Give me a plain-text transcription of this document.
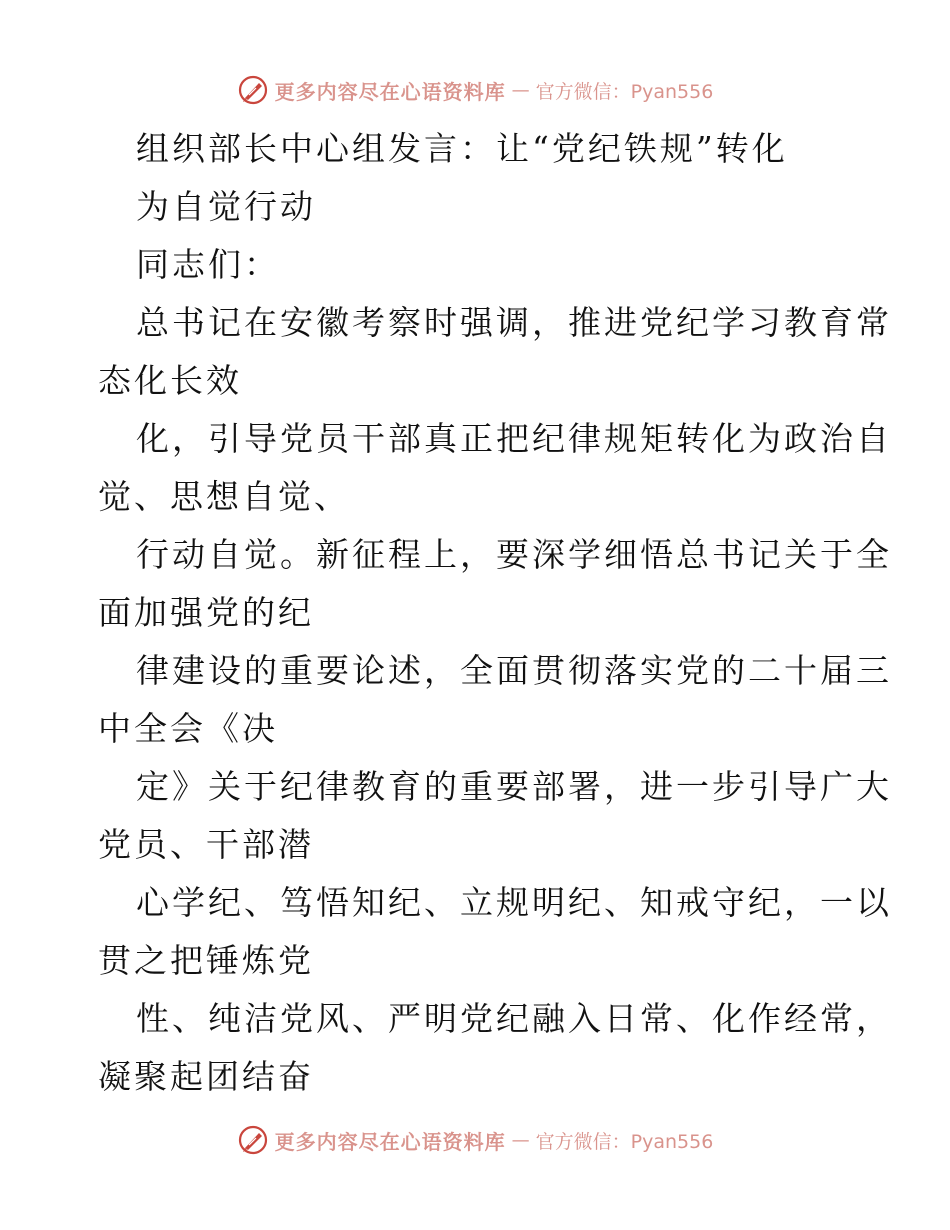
更多内容尽在心语资料库 — 官方微信：Pyan556
组织部长中心组发言：让“党纪铁规”转化
为自觉行动
同志们：
总书记在安徽考察时强调，推进党纪学习教育常
态化长效
化，引导党员干部真正把纪律规矩转化为政治自
觉、思想自觉、
行动自觉。新征程上，要深学细悟总书记关于全
面加强党的纪
律建设的重要论述，全面贯彻落实党的二十届三
中全会《决
定》关于纪律教育的重要部署，进一步引导广大
党员、干部潜
心学纪、笃悟知纪、立规明纪、知戒守纪，一以
贯之把锤炼党
性、纯洁党风、严明党纪融入日常、化作经常，
凝聚起团结奋
更多内容尽在心语资料库 — 官方微信：Pyan556
